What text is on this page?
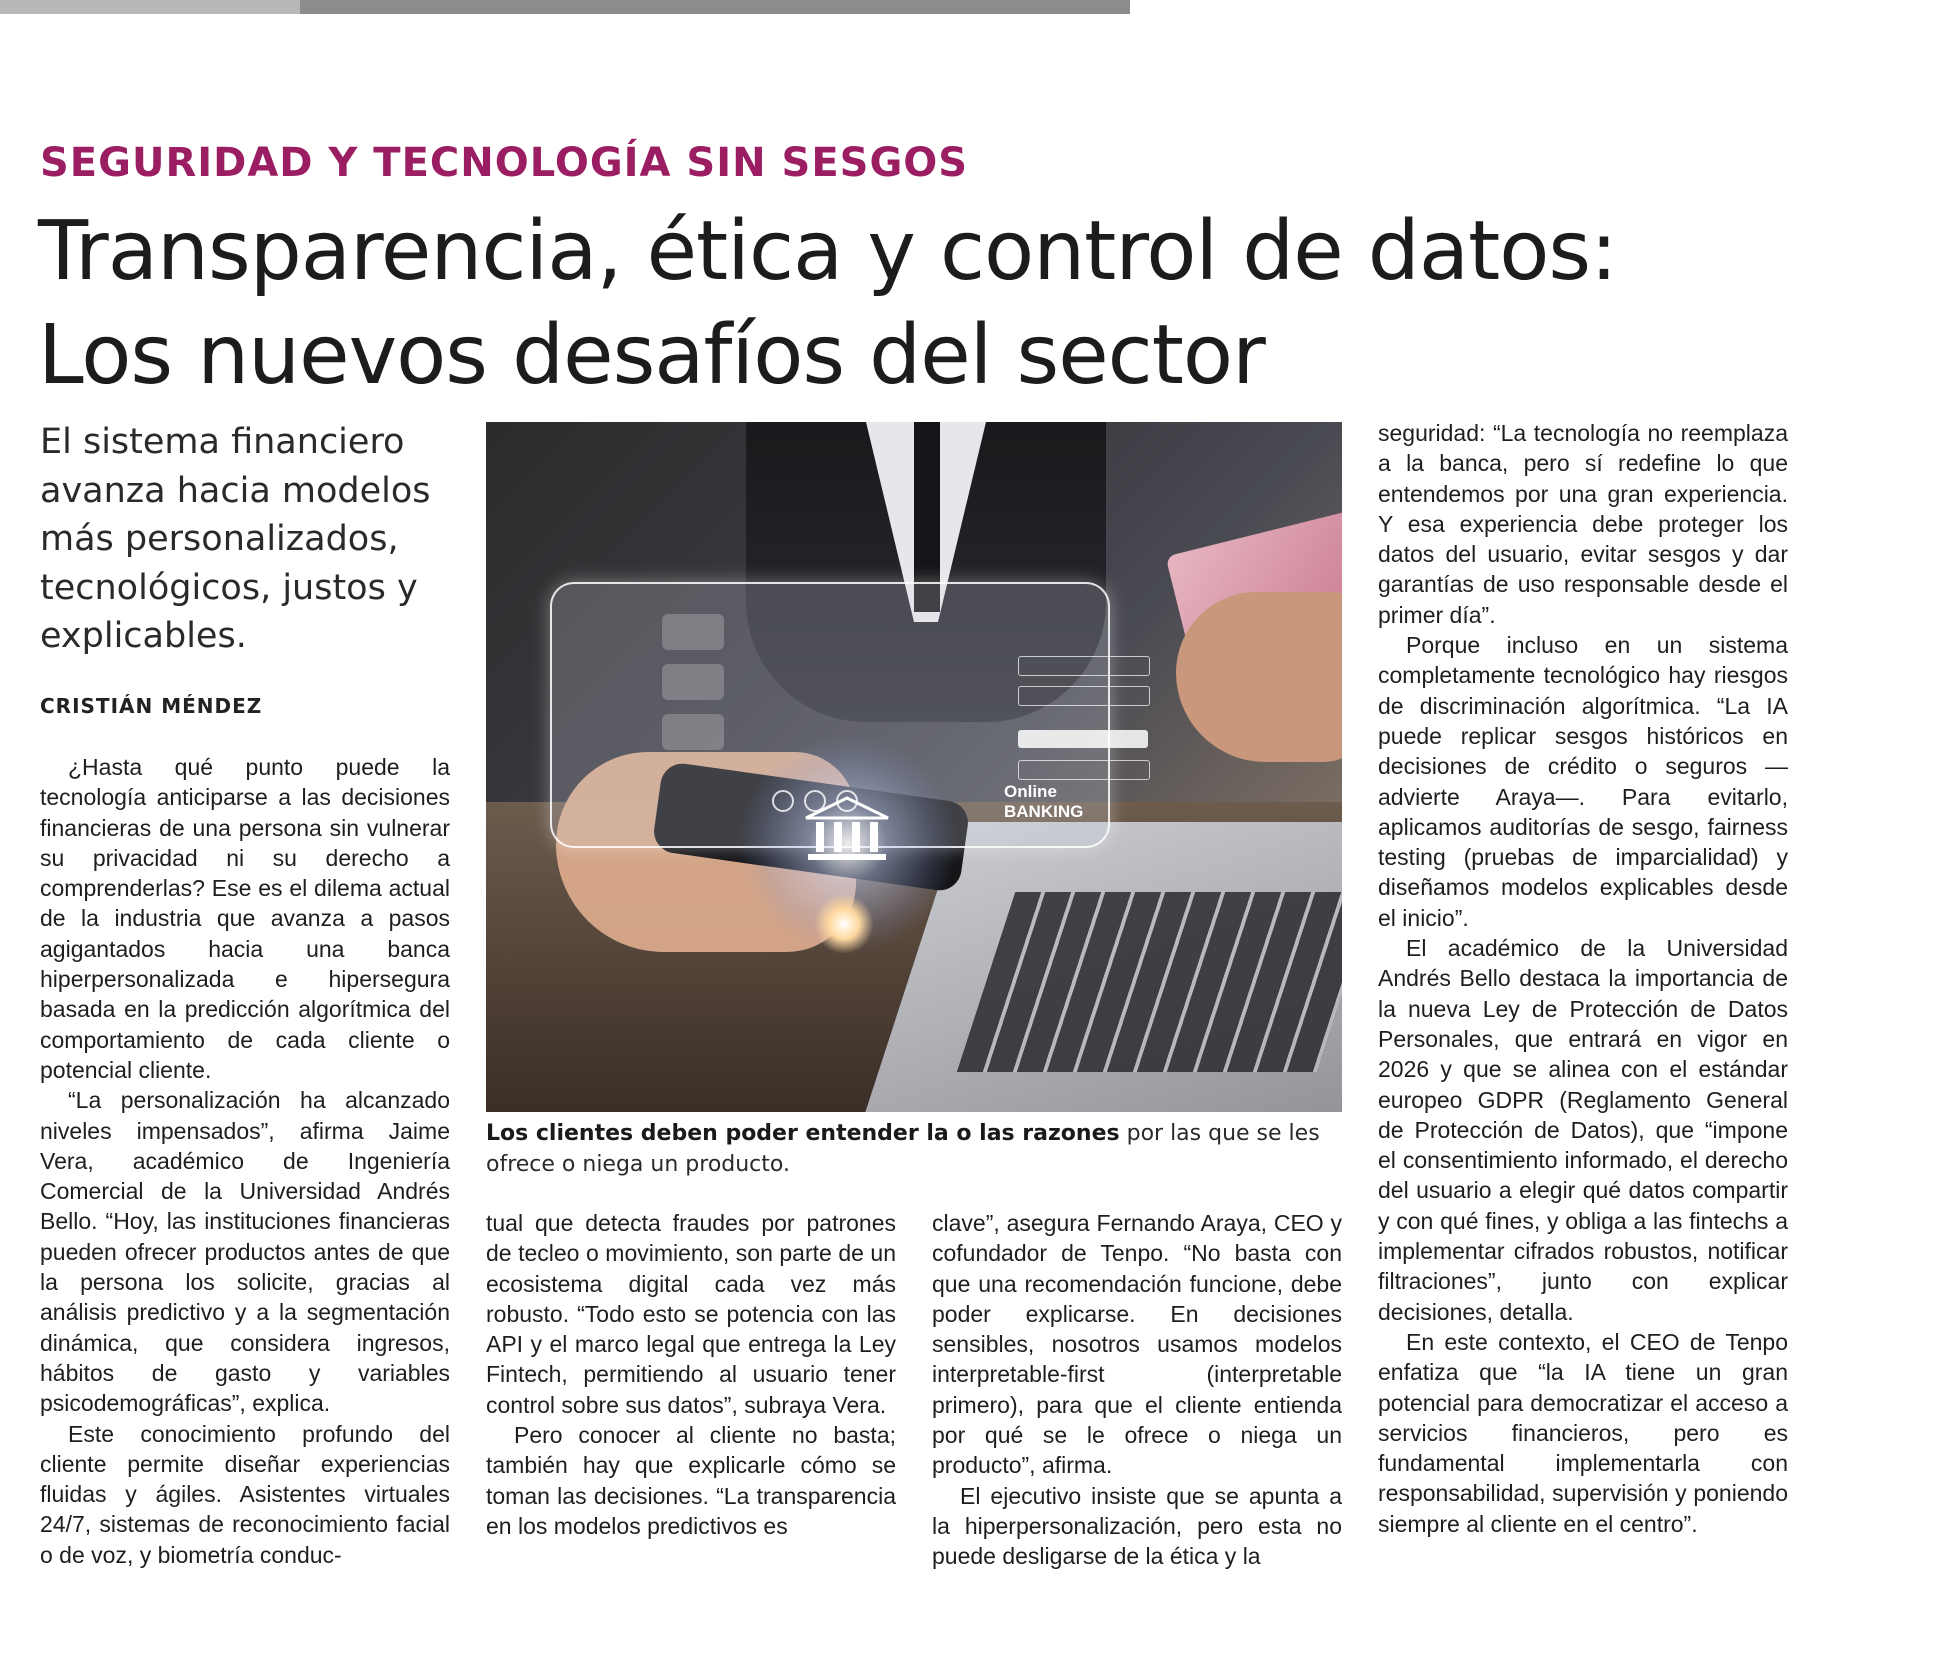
SEGURIDAD Y TECNOLOGÍA SIN SESGOS
Transparencia, ética y control de datos:
Los nuevos desafíos del sector

El sistema financiero avanza hacia modelos más personalizados, tecnológicos, justos y explicables.

CRISTIÁN MÉNDEZ

¿Hasta qué punto puede la tecnología anticiparse a las decisiones financieras de una persona sin vulnerar su privacidad ni su derecho a comprenderlas? Ese es el dilema actual de la industria que avanza a pasos agigantados hacia una banca hiperpersonalizada e hipersegura basada en la predicción algorítmica del comportamiento de cada cliente o potencial cliente.

“La personalización ha alcanzado niveles impensados”, afirma Jaime Vera, académico de Ingeniería Comercial de la Universidad Andrés Bello. “Hoy, las instituciones financieras pueden ofrecer productos antes de que la persona los solicite, gracias al análisis predictivo y a la segmentación dinámica, que considera ingresos, hábitos de gasto y variables psicodemográficas”, explica.

Este conocimiento profundo del cliente permite diseñar experiencias fluidas y ágiles. Asistentes virtuales 24/7, sistemas de reconocimiento facial o de voz, y biometría conduc-

Online BANKING

Los clientes deben poder entender la o las razones por las que se les ofrece o niega un producto.

tual que detecta fraudes por patrones de tecleo o movimiento, son parte de un ecosistema digital cada vez más robusto. “Todo esto se potencia con las API y el marco legal que entrega la Ley Fintech, permitiendo al usuario tener control sobre sus datos”, subraya Vera.

Pero conocer al cliente no basta; también hay que explicarle cómo se toman las decisiones. “La transparencia en los modelos predictivos es

clave”, asegura Fernando Araya, CEO y cofundador de Tenpo. “No basta con que una recomendación funcione, debe poder explicarse. En decisiones sensibles, nosotros usamos modelos interpretable-first (interpretable primero), para que el cliente entienda por qué se le ofrece o niega un producto”, afirma.

El ejecutivo insiste que se apunta a la hiperpersonalización, pero esta no puede desligarse de la ética y la

seguridad: “La tecnología no reemplaza a la banca, pero sí redefine lo que entendemos por una gran experiencia. Y esa experiencia debe proteger los datos del usuario, evitar sesgos y dar garantías de uso responsable desde el primer día”.

Porque incluso en un sistema completamente tecnológico hay riesgos de discriminación algorítmica. “La IA puede replicar sesgos históricos en decisiones de crédito o seguros —advierte Araya—. Para evitarlo, aplicamos auditorías de sesgo, fairness testing (pruebas de imparcialidad) y diseñamos modelos explicables desde el inicio”.

El académico de la Universidad Andrés Bello destaca la importancia de la nueva Ley de Protección de Datos Personales, que entrará en vigor en 2026 y que se alinea con el estándar europeo GDPR (Reglamento General de Protección de Datos), que “impone el consentimiento informado, el derecho del usuario a elegir qué datos compartir y con qué fines, y obliga a las fintechs a implementar cifrados robustos, notificar filtraciones”, junto con explicar decisiones, detalla.

En este contexto, el CEO de Tenpo enfatiza que “la IA tiene un gran potencial para democratizar el acceso a servicios financieros, pero es fundamental implementarla con responsabilidad, supervisión y poniendo siempre al cliente en el centro”.
